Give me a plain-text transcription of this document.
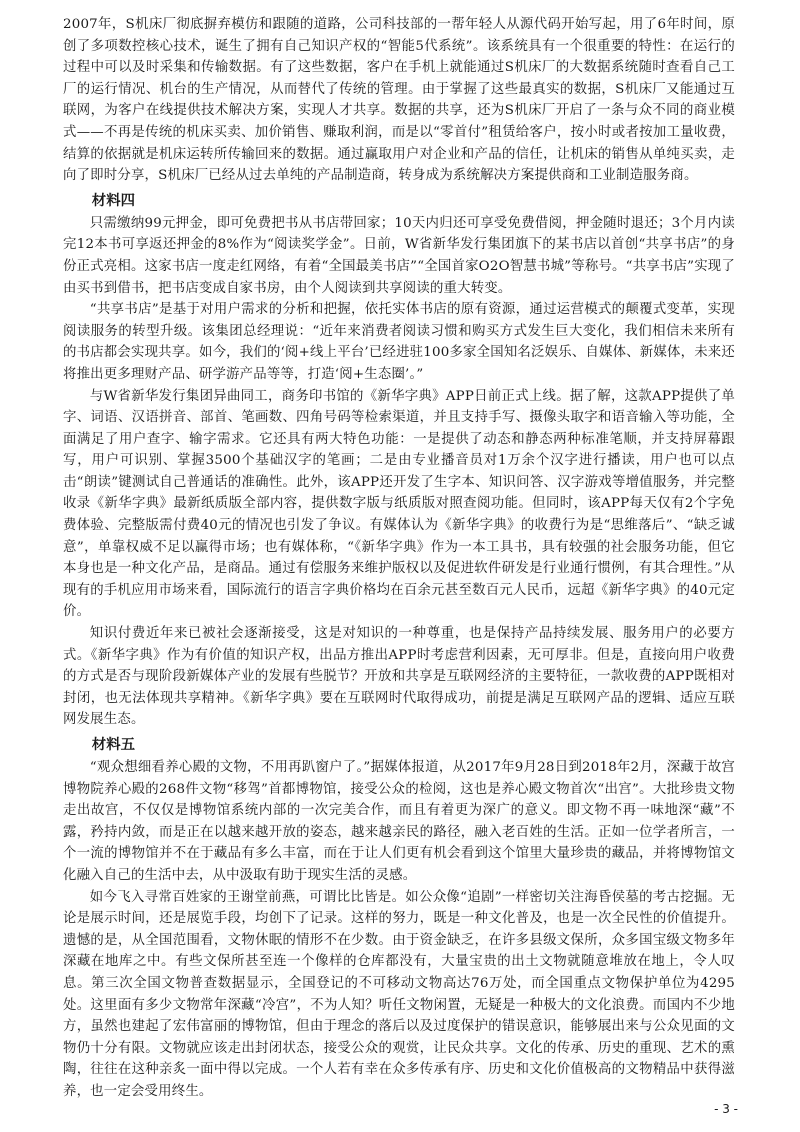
2007年，S机床厂彻底摒弃模仿和跟随的道路，公司科技部的一帮年轻人从源代码开始写起，用了6年时间，原创了多项数控核心技术，诞生了拥有自己知识产权的“智能5代系统”。该系统具有一个很重要的特性：在运行的过程中可以及时采集和传输数据。有了这些数据，客户在手机上就能通过S机床厂的大数据系统随时查看自己工厂的运行情况、机台的生产情况，从而替代了传统的管理。由于掌握了这些最真实的数据，S机床厂又能通过互联网，为客户在线提供技术解决方案，实现人才共享。数据的共享，还为S机床厂开启了一条与众不同的商业模式——不再是传统的机床买卖、加价销售、赚取利润，而是以“零首付”租赁给客户，按小时或者按加工量收费，结算的依据就是机床运转所传输回来的数据。通过赢取用户对企业和产品的信任，让机床的销售从单纯买卖，走向了即时分享，S机床厂已经从过去单纯的产品制造商，转身成为系统解决方案提供商和工业制造服务商。

材料四

只需缴纳99元押金，即可免费把书从书店带回家；10天内归还可享受免费借阅，押金随时退还；3个月内读完12本书可享返还押金的8%作为“阅读奖学金”。日前，W省新华发行集团旗下的某书店以首创“共享书店”的身份正式亮相。这家书店一度走红网络，有着“全国最美书店”“全国首家O2O智慧书城”等称号。“共享书店”实现了由买书到借书，把书店变成自家书房，由个人阅读到共享阅读的重大转变。

“共享书店”是基于对用户需求的分析和把握，依托实体书店的原有资源，通过运营模式的颠覆式变革，实现阅读服务的转型升级。该集团总经理说：“近年来消费者阅读习惯和购买方式发生巨大变化，我们相信未来所有的书店都会实现共享。如今，我们的‘阅+线上平台’已经进驻100多家全国知名泛娱乐、自媒体、新媒体，未来还将推出更多理财产品、研学游产品等等，打造‘阅+生态圈’。”

与W省新华发行集团异曲同工，商务印书馆的《新华字典》APP日前正式上线。据了解，这款APP提供了单字、词语、汉语拼音、部首、笔画数、四角号码等检索渠道，并且支持手写、摄像头取字和语音输入等功能，全面满足了用户查字、输字需求。它还具有两大特色功能：一是提供了动态和静态两种标准笔顺，并支持屏幕跟写，用户可识别、掌握3500个基础汉字的笔画；二是由专业播音员对1万余个汉字进行播读，用户也可以点击“朗读”键测试自己普通话的准确性。此外，该APP还开发了生字本、知识问答、汉字游戏等增值服务，并完整收录《新华字典》最新纸质版全部内容，提供数字版与纸质版对照查阅功能。但同时，该APP每天仅有2个字免费体验、完整版需付费40元的情况也引发了争议。有媒体认为《新华字典》的收费行为是“思维落后”、“缺乏诚意”，单靠权威不足以赢得市场；也有媒体称，“《新华字典》作为一本工具书，具有较强的社会服务功能，但它本身也是一种文化产品，是商品。通过有偿服务来维护版权以及促进软件研发是行业通行惯例，有其合理性。”从现有的手机应用市场来看，国际流行的语言字典价格均在百余元甚至数百元人民币，远超《新华字典》的40元定价。

知识付费近年来已被社会逐渐接受，这是对知识的一种尊重，也是保持产品持续发展、服务用户的必要方式。《新华字典》作为有价值的知识产权，出品方推出APP时考虑营利因素，无可厚非。但是，直接向用户收费的方式是否与现阶段新媒体产业的发展有些脱节？开放和共享是互联网经济的主要特征，一款收费的APP既相对封闭，也无法体现共享精神。《新华字典》要在互联网时代取得成功，前提是满足互联网产品的逻辑、适应互联网发展生态。

材料五

“观众想细看养心殿的文物，不用再趴窗户了。”据媒体报道，从2017年9月28日到2018年2月，深藏于故宫博物院养心殿的268件文物“移驾”首都博物馆，接受公众的检阅，这也是养心殿文物首次“出宫”。大批珍贵文物走出故宫，不仅仅是博物馆系统内部的一次完美合作，而且有着更为深广的意义。即文物不再一味地深“藏”不露，矜持内敛，而是正在以越来越开放的姿态，越来越亲民的路径，融入老百姓的生活。正如一位学者所言，一个一流的博物馆并不在于藏品有多么丰富，而在于让人们更有机会看到这个馆里大量珍贵的藏品，并将博物馆文化融入自己的生活中去，从中汲取有助于现实生活的灵感。

如今飞入寻常百姓家的王谢堂前燕，可谓比比皆是。如公众像“追剧”一样密切关注海昏侯墓的考古挖掘。无论是展示时间，还是展览手段，均创下了记录。这样的努力，既是一种文化普及，也是一次全民性的价值提升。遗憾的是，从全国范围看，文物休眠的情形不在少数。由于资金缺乏，在许多县级文保所，众多国宝级文物多年深藏在地库之中。有些文保所甚至连一个像样的仓库都没有，大量宝贵的出土文物就随意堆放在地上，令人叹息。第三次全国文物普查数据显示，全国登记的不可移动文物高达76万处，而全国重点文物保护单位为4295处。这里面有多少文物常年深藏“冷宫”，不为人知？听任文物闲置，无疑是一种极大的文化浪费。而国内不少地方，虽然也建起了宏伟富丽的博物馆，但由于理念的落后以及过度保护的错误意识，能够展出来与公众见面的文物仍十分有限。文物就应该走出封闭状态，接受公众的观赏，让民众共享。文化的传承、历史的重现、艺术的熏陶，往往在这种亲炙一面中得以完成。一个人若有幸在众多传承有序、历史和文化价值极高的文物精品中获得滋养，也一定会受用终生。

- 3 -
